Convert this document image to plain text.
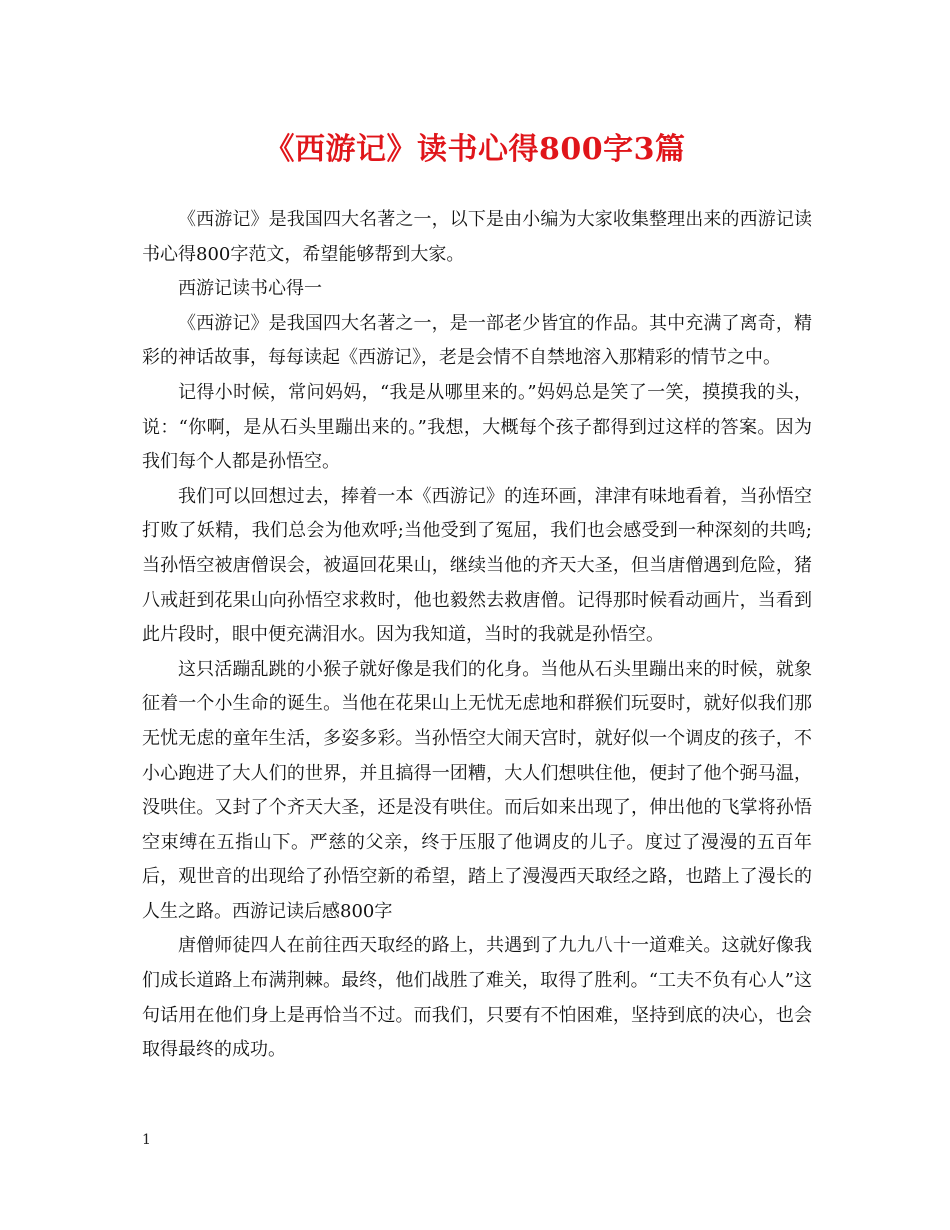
《西游记》读书心得800字3篇

《西游记》是我国四大名著之一，以下是由小编为大家收集整理出来的西游记读书心得800字范文，希望能够帮到大家。

西游记读书心得一

《西游记》是我国四大名著之一，是一部老少皆宜的作品。其中充满了离奇，精彩的神话故事，每每读起《西游记》，老是会情不自禁地溶入那精彩的情节之中。

记得小时候，常问妈妈，“我是从哪里来的。”妈妈总是笑了一笑，摸摸我的头，说：“你啊，是从石头里蹦出来的。”我想，大概每个孩子都得到过这样的答案。因为我们每个人都是孙悟空。

我们可以回想过去，捧着一本《西游记》的连环画，津津有味地看着，当孙悟空打败了妖精，我们总会为他欢呼;当他受到了冤屈，我们也会感受到一种深刻的共鸣;当孙悟空被唐僧误会，被逼回花果山，继续当他的齐天大圣，但当唐僧遇到危险，猪八戒赶到花果山向孙悟空求救时，他也毅然去救唐僧。记得那时候看动画片，当看到此片段时，眼中便充满泪水。因为我知道，当时的我就是孙悟空。

这只活蹦乱跳的小猴子就好像是我们的化身。当他从石头里蹦出来的时候，就象征着一个小生命的诞生。当他在花果山上无忧无虑地和群猴们玩耍时，就好似我们那无忧无虑的童年生活，多姿多彩。当孙悟空大闹天宫时，就好似一个调皮的孩子，不小心跑进了大人们的世界，并且搞得一团糟，大人们想哄住他，便封了他个弼马温，没哄住。又封了个齐天大圣，还是没有哄住。而后如来出现了，伸出他的飞掌将孙悟空束缚在五指山下。严慈的父亲，终于压服了他调皮的儿子。度过了漫漫的五百年后，观世音的出现给了孙悟空新的希望，踏上了漫漫西天取经之路，也踏上了漫长的人生之路。西游记读后感800字

唐僧师徒四人在前往西天取经的路上，共遇到了九九八十一道难关。这就好像我们成长道路上布满荆棘。最终，他们战胜了难关，取得了胜利。“工夫不负有心人”这句话用在他们身上是再恰当不过。而我们，只要有不怕困难，坚持到底的决心，也会取得最终的成功。

1
